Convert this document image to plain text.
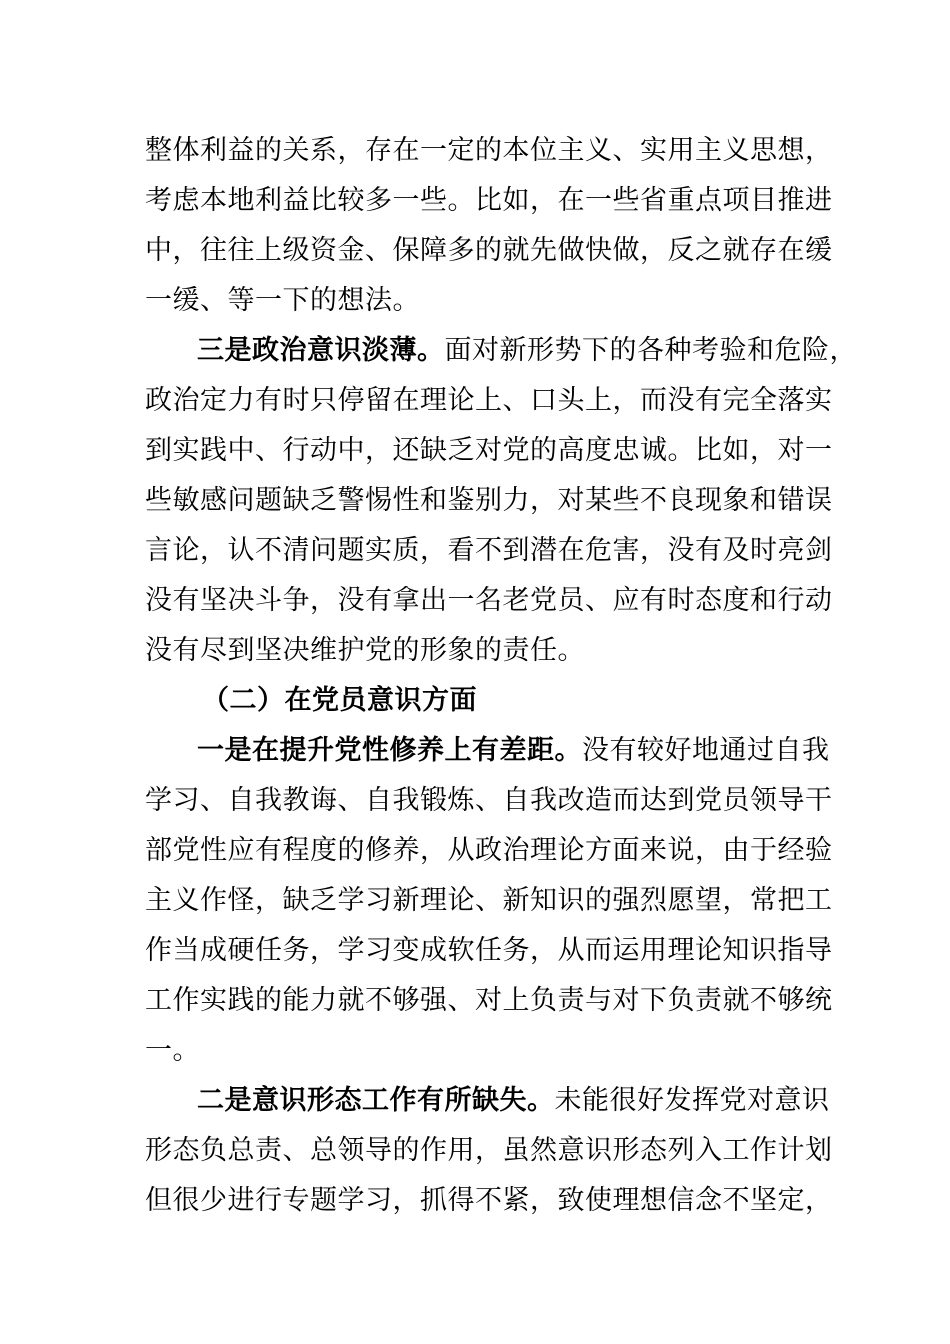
整体利益的关系，存在一定的本位主义、实用主义思想，
考虑本地利益比较多一些。比如，在一些省重点项目推进
中，往往上级资金、保障多的就先做快做，反之就存在缓
一缓、等一下的想法。
三是政治意识淡薄。面对新形势下的各种考验和危险，
政治定力有时只停留在理论上、口头上，而没有完全落实
到实践中、行动中，还缺乏对党的高度忠诚。比如，对一
些敏感问题缺乏警惕性和鉴别力，对某些不良现象和错误
言论，认不清问题实质，看不到潜在危害，没有及时亮剑
没有坚决斗争，没有拿出一名老党员、应有时态度和行动
没有尽到坚决维护党的形象的责任。
（二）在党员意识方面
一是在提升党性修养上有差距。没有较好地通过自我
学习、自我教诲、自我锻炼、自我改造而达到党员领导干
部党性应有程度的修养，从政治理论方面来说，由于经验
主义作怪，缺乏学习新理论、新知识的强烈愿望，常把工
作当成硬任务，学习变成软任务，从而运用理论知识指导
工作实践的能力就不够强、对上负责与对下负责就不够统
一。
二是意识形态工作有所缺失。未能很好发挥党对意识
形态负总责、总领导的作用，虽然意识形态列入工作计划
但很少进行专题学习，抓得不紧，致使理想信念不坚定，
